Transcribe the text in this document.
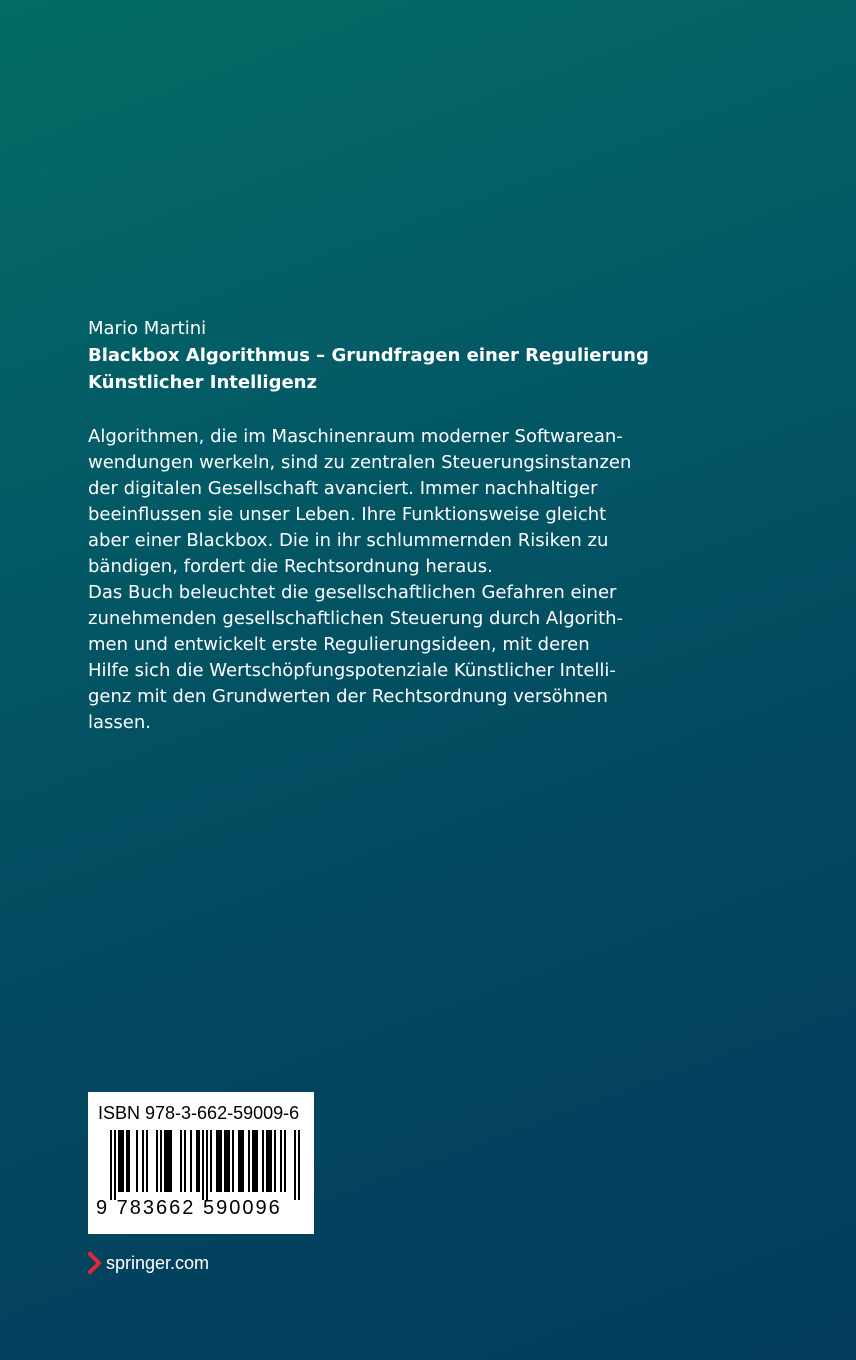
Mario Martini
Blackbox Algorithmus – Grundfragen einer Regulierung
Künstlicher Intelligenz
Algorithmen, die im Maschinenraum moderner Softwarean-
wendungen werkeln, sind zu zentralen Steuerungsinstanzen
der digitalen Gesellschaft avanciert. Immer nachhaltiger
beeinflussen sie unser Leben. Ihre Funktionsweise gleicht
aber einer Blackbox. Die in ihr schlummernden Risiken zu
bändigen, fordert die Rechtsordnung heraus.
Das Buch beleuchtet die gesellschaftlichen Gefahren einer
zunehmenden gesellschaftlichen Steuerung durch Algorith-
men und entwickelt erste Regulierungsideen, mit deren
Hilfe sich die Wertschöpfungspotenziale Künstlicher Intelli-
genz mit den Grundwerten der Rechtsordnung versöhnen
lassen.
ISBN 978-3-662-59009-6
9 783662 590096
springer.com
